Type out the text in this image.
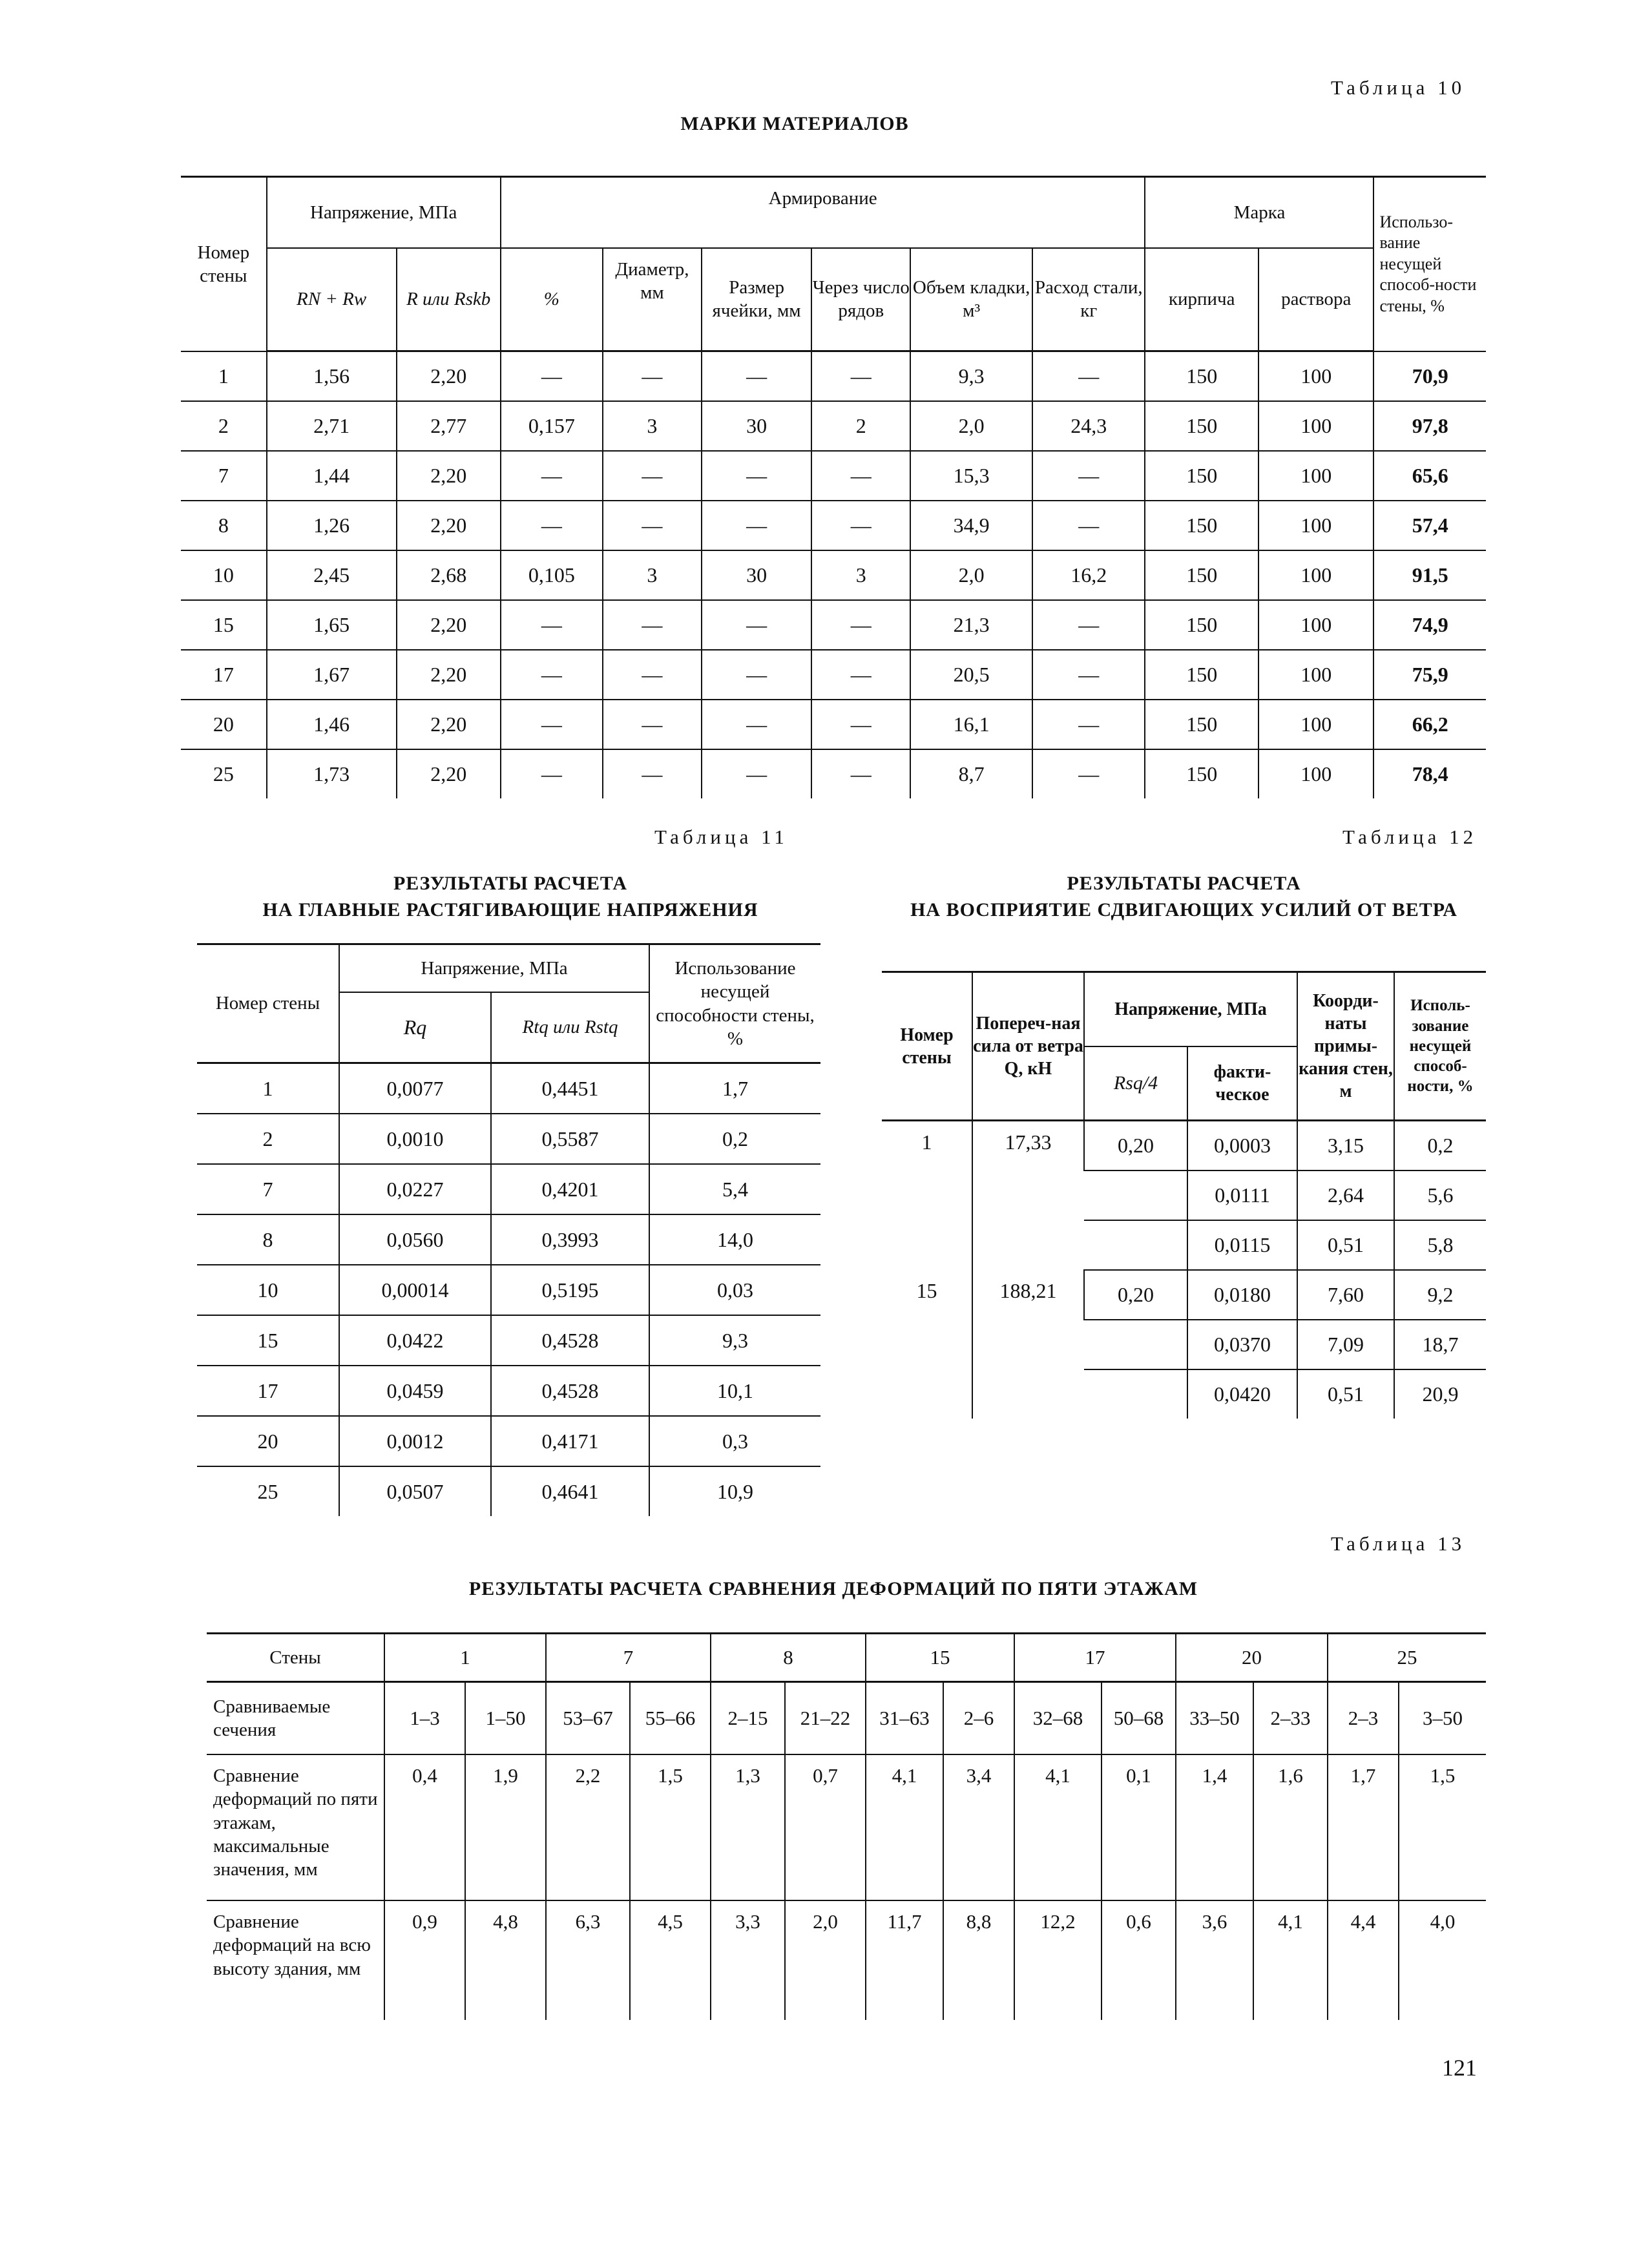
Таблица 10
МАРКИ МАТЕРИАЛОВ
Номер стены	Напряжение, МПа		Армирование						Марка		Использо-вание несущей способ-ности стены, %
	RN + Rw	R или Rskb	%	Диаметр, мм	Размер ячейки, мм	Через число рядов	Объем кладки, м³	Расход стали, кг	кирпича	раствора	
1	1,56	2,20	—	—	—	—	9,3	—	150	100	70,9
2	2,71	2,77	0,157	3	30	2	2,0	24,3	150	100	97,8
7	1,44	2,20	—	—	—	—	15,3	—	150	100	65,6
8	1,26	2,20	—	—	—	—	34,9	—	150	100	57,4
10	2,45	2,68	0,105	3	30	3	2,0	16,2	150	100	91,5
15	1,65	2,20	—	—	—	—	21,3	—	150	100	74,9
17	1,67	2,20	—	—	—	—	20,5	—	150	100	75,9
20	1,46	2,20	—	—	—	—	16,1	—	150	100	66,2
25	1,73	2,20	—	—	—	—	8,7	—	150	100	78,4
Таблица 11
РЕЗУЛЬТАТЫ РАСЧЕТА
НА ГЛАВНЫЕ РАСТЯГИВАЮЩИЕ НАПРЯЖЕНИЯ
Номер стены	Напряжение, МПа		Использование несущей способности стены, %
	Rq	Rtq или Rstq	
1	0,0077	0,4451	1,7
2	0,0010	0,5587	0,2
7	0,0227	0,4201	5,4
8	0,0560	0,3993	14,0
10	0,00014	0,5195	0,03
15	0,0422	0,4528	9,3
17	0,0459	0,4528	10,1
20	0,0012	0,4171	0,3
25	0,0507	0,4641	10,9
Таблица 12
РЕЗУЛЬТАТЫ РАСЧЕТА
НА ВОСПРИЯТИЕ СДВИГАЮЩИХ УСИЛИЙ ОТ ВЕТРА
Номер стены	Попереч-ная сила от ветра Q, кН	Напряжение, МПа		Коорди-наты примы-кания стен, м	Исполь-зование несущей способ-ности, %
		Rsq/4	факти-ческое		
1	17,33	0,20	0,0003	3,15	0,2
			0,0111	2,64	5,6
			0,0115	0,51	5,8
15	188,21	0,20	0,0180	7,60	9,2
			0,0370	7,09	18,7
			0,0420	0,51	20,9
Таблица 13
РЕЗУЛЬТАТЫ РАСЧЕТА СРАВНЕНИЯ ДЕФОРМАЦИЙ ПО ПЯТИ ЭТАЖАМ
Стены	1		7		8		15		17		20		25	
Сравниваемые сечения	1–3	1–50	53–67	55–66	2–15	21–22	31–63	2–6	32–68	50–68	33–50	2–33	2–3	3–50
Сравнение деформаций по пяти этажам, максимальные значения, мм	0,4	1,9	2,2	1,5	1,3	0,7	4,1	3,4	4,1	0,1	1,4	1,6	1,7	1,5
Сравнение деформаций на всю высоту здания, мм	0,9	4,8	6,3	4,5	3,3	2,0	11,7	8,8	12,2	0,6	3,6	4,1	4,4	4,0
121
